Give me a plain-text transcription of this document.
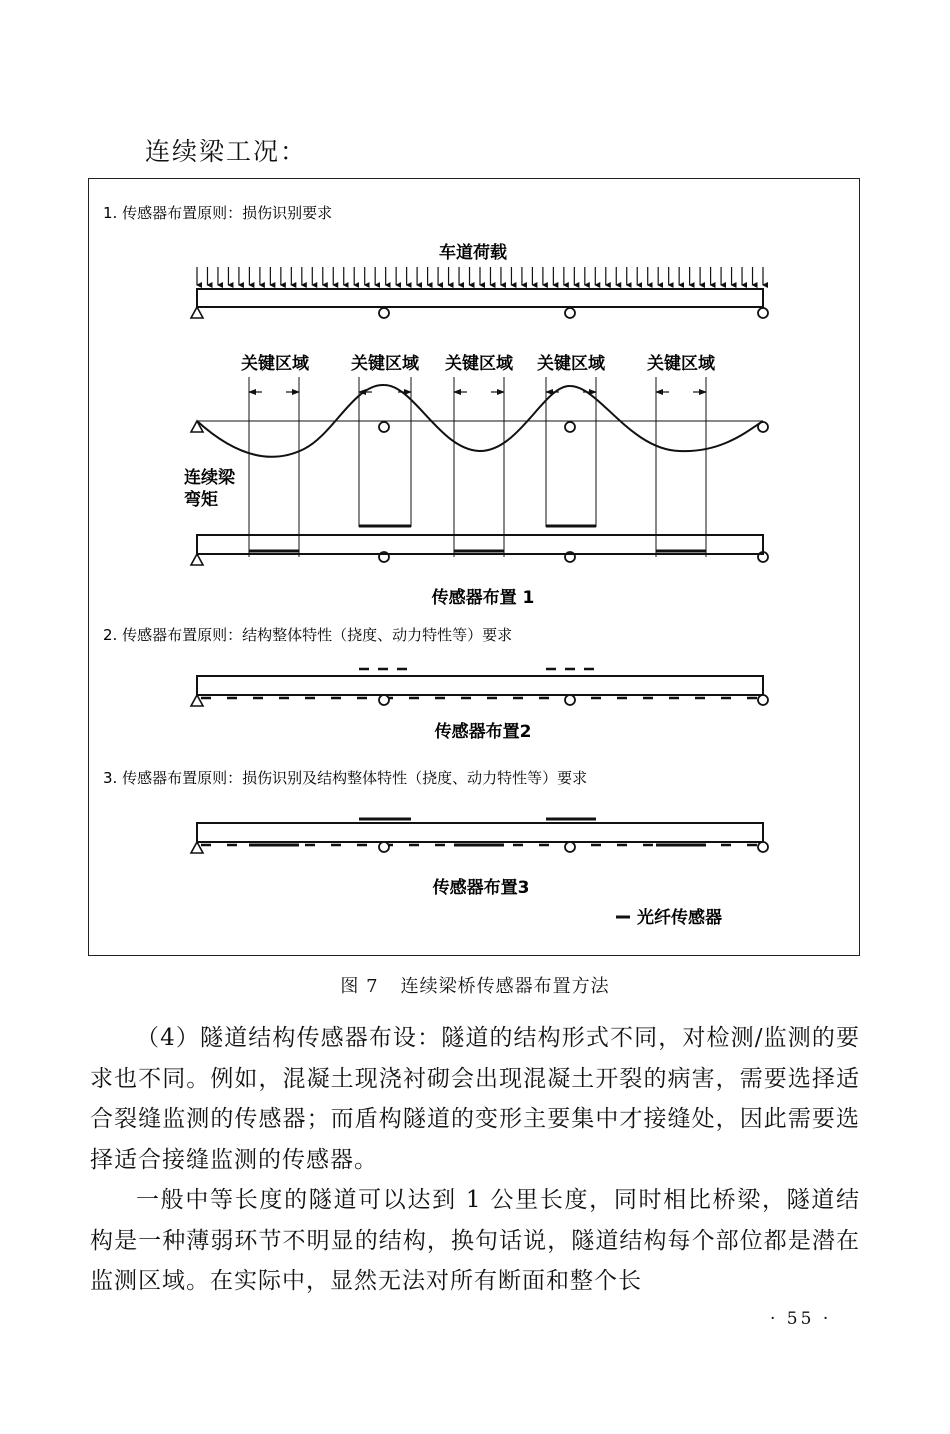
连续梁工况：
1. 传感器布置原则：损伤识别要求
车道荷载
关键区域 关键区域 关键区域 关键区域 关键区域
连续梁
弯矩
传感器布置 1
2. 传感器布置原则：结构整体特性（挠度、动力特性等）要求
传感器布置2
3. 传感器布置原则：损伤识别及结构整体特性（挠度、动力特性等）要求
传感器布置3
光纤传感器

图 7 连续梁桥传感器布置方法

（4）隧道结构传感器布设：隧道的结构形式不同，对检测/监测的要求也不同。例如，混凝土现浇衬砌会出现混凝土开裂的病害，需要选择适合裂缝监测的传感器；而盾构隧道的变形主要集中才接缝处，因此需要选择适合接缝监测的传感器。

一般中等长度的隧道可以达到 1 公里长度，同时相比桥梁，隧道结构是一种薄弱环节不明显的结构，换句话说，隧道结构每个部位都是潜在监测区域。在实际中，显然无法对所有断面和整个长

· 55 ·
